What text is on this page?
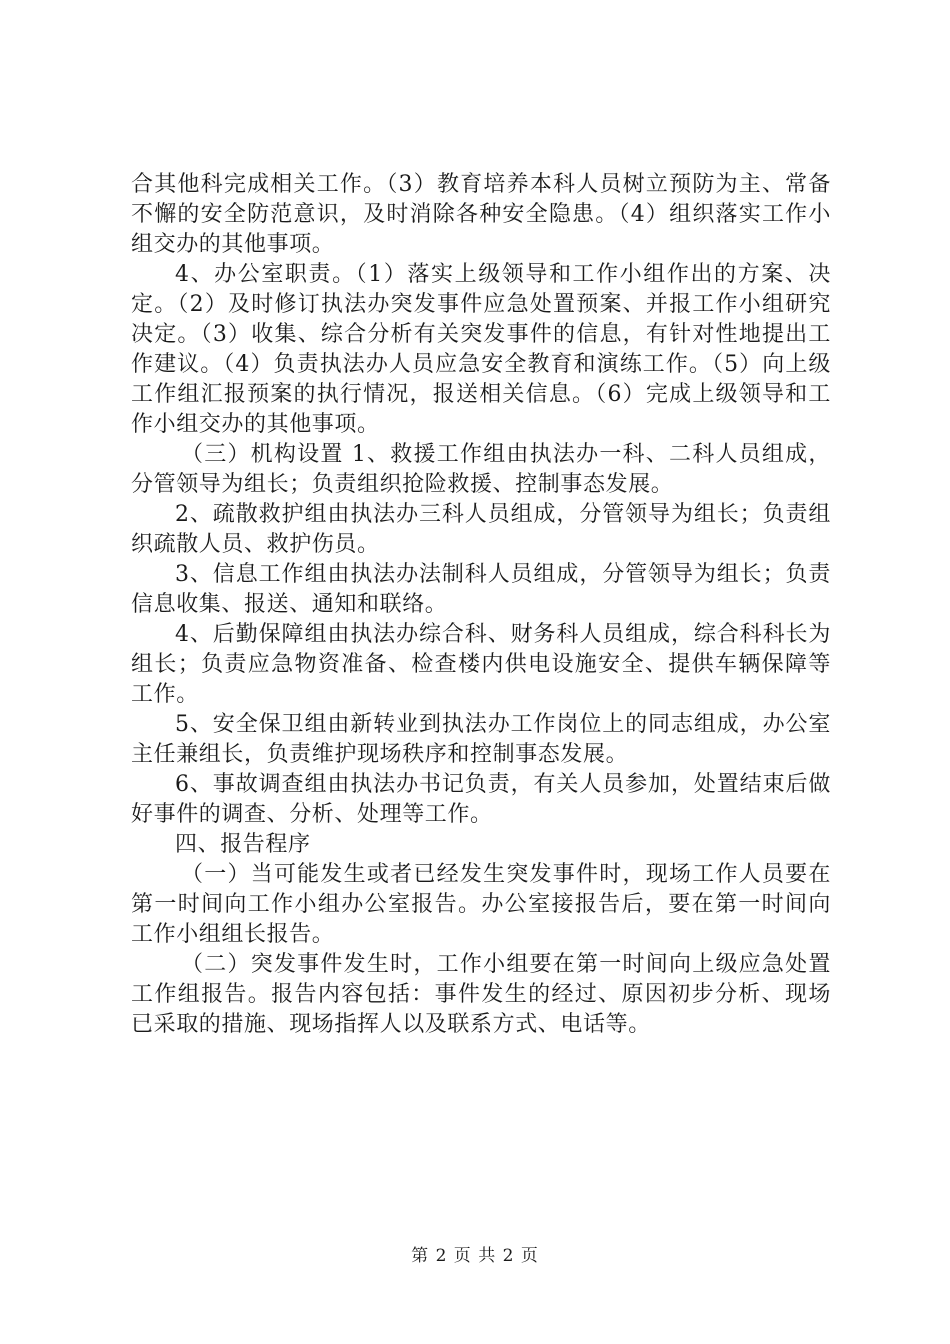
合其他科完成相关工作。（3）教育培养本科人员树立预防为主、常备不懈的安全防范意识，及时消除各种安全隐患。（4）组织落实工作小组交办的其他事项。

4、办公室职责。（1）落实上级领导和工作小组作出的方案、决定。（2）及时修订执法办突发事件应急处置预案、并报工作小组研究决定。（3）收集、综合分析有关突发事件的信息，有针对性地提出工作建议。（4）负责执法办人员应急安全教育和演练工作。（5）向上级工作组汇报预案的执行情况，报送相关信息。（6）完成上级领导和工作小组交办的其他事项。

（三）机构设置 1、救援工作组由执法办一科、二科人员组成，分管领导为组长；负责组织抢险救援、控制事态发展。

2、疏散救护组由执法办三科人员组成，分管领导为组长；负责组织疏散人员、救护伤员。

3、信息工作组由执法办法制科人员组成，分管领导为组长；负责信息收集、报送、通知和联络。

4、后勤保障组由执法办综合科、财务科人员组成，综合科科长为组长；负责应急物资准备、检查楼内供电设施安全、提供车辆保障等工作。

5、安全保卫组由新转业到执法办工作岗位上的同志组成，办公室主任兼组长，负责维护现场秩序和控制事态发展。

6、事故调查组由执法办书记负责，有关人员参加，处置结束后做好事件的调查、分析、处理等工作。

四、报告程序

（一）当可能发生或者已经发生突发事件时，现场工作人员要在第一时间向工作小组办公室报告。办公室接报告后，要在第一时间向工作小组组长报告。

（二）突发事件发生时，工作小组要在第一时间向上级应急处置工作组报告。报告内容包括：事件发生的经过、原因初步分析、现场已采取的措施、现场指挥人以及联系方式、电话等。

第 2 页 共 2 页
